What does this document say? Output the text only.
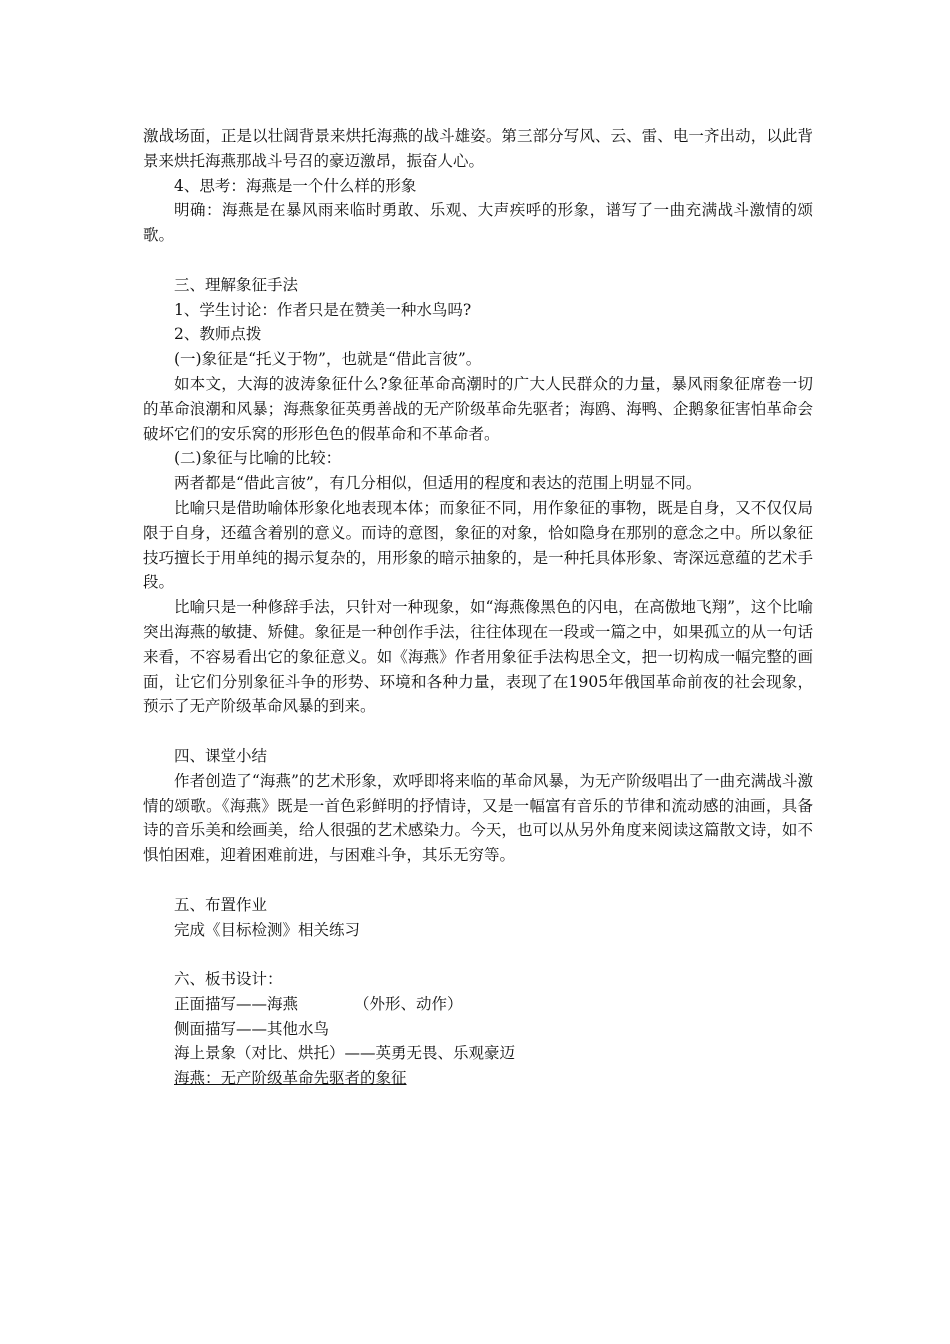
激战场面，正是以壮阔背景来烘托海燕的战斗雄姿。第三部分写风、云、雷、电一齐出动，以此背景来烘托海燕那战斗号召的豪迈激昂，振奋人心。

4、思考：海燕是一个什么样的形象

明确：海燕是在暴风雨来临时勇敢、乐观、大声疾呼的形象，谱写了一曲充满战斗激情的颂歌。

三、理解象征手法

1、学生讨论：作者只是在赞美一种水鸟吗?

2、教师点拨

(一)象征是“托义于物”，也就是“借此言彼”。

如本文，大海的波涛象征什么?象征革命高潮时的广大人民群众的力量，暴风雨象征席卷一切的革命浪潮和风暴；海燕象征英勇善战的无产阶级革命先驱者；海鸥、海鸭、企鹅象征害怕革命会破坏它们的安乐窝的形形色色的假革命和不革命者。

(二)象征与比喻的比较：

两者都是“借此言彼”，有几分相似，但适用的程度和表达的范围上明显不同。

比喻只是借助喻体形象化地表现本体；而象征不同，用作象征的事物，既是自身，又不仅仅局限于自身，还蕴含着别的意义。而诗的意图，象征的对象，恰如隐身在那别的意念之中。所以象征技巧擅长于用单纯的揭示复杂的，用形象的暗示抽象的，是一种托具体形象、寄深远意蕴的艺术手段。

比喻只是一种修辞手法，只针对一种现象，如“海燕像黑色的闪电，在高傲地飞翔”，这个比喻突出海燕的敏捷、矫健。象征是一种创作手法，往往体现在一段或一篇之中，如果孤立的从一句话来看，不容易看出它的象征意义。如《海燕》作者用象征手法构思全文，把一切构成一幅完整的画面，让它们分别象征斗争的形势、环境和各种力量，表现了在1905年俄国革命前夜的社会现象，预示了无产阶级革命风暴的到来。

四、课堂小结

作者创造了“海燕”的艺术形象，欢呼即将来临的革命风暴，为无产阶级唱出了一曲充满战斗激情的颂歌。《海燕》既是一首色彩鲜明的抒情诗，又是一幅富有音乐的节律和流动感的油画，具备诗的音乐美和绘画美，给人很强的艺术感染力。今天，也可以从另外角度来阅读这篇散文诗，如不惧怕困难，迎着困难前进，与困难斗争，其乐无穷等。

五、布置作业

完成《目标检测》相关练习

六、板书设计：

正面描写——海燕	（外形、动作）

侧面描写——其他水鸟

海上景象（对比、烘托）——英勇无畏、乐观豪迈

海燕：无产阶级革命先驱者的象征
